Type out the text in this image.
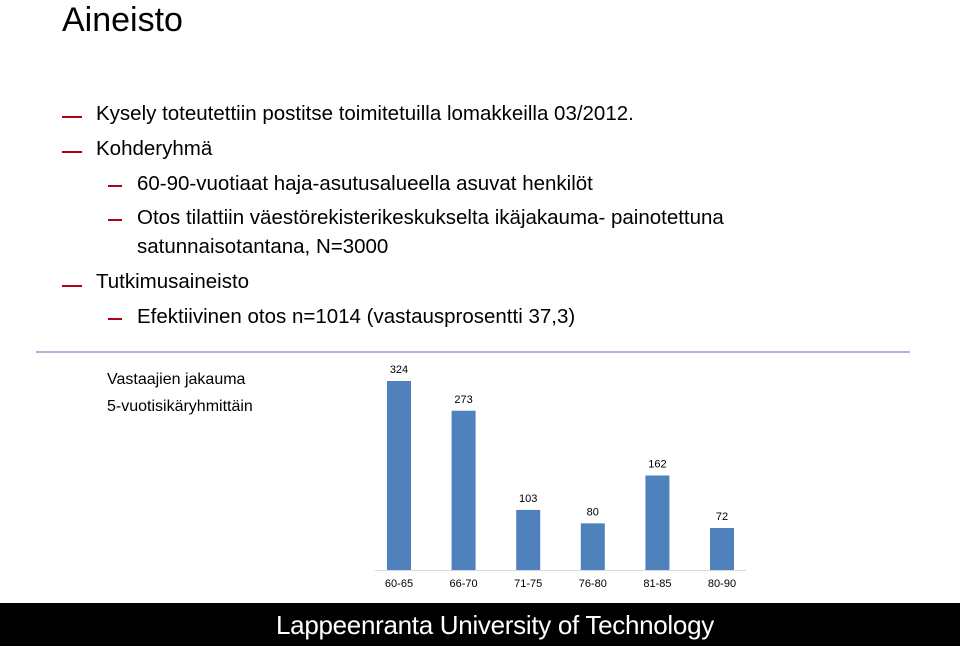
Aineisto
Kysely toteutettiin postitse toimitetuilla lomakkeilla 03/2012.
Kohderyhmä
60-90-vuotiaat haja-asutusalueella asuvat henkilöt
Otos tilattiin väestörekisterikeskukselta ikäjakauma- painotettuna
satunnaisotantana, N=3000
Tutkimusaineisto
Efektiivinen otos n=1014 (vastausprosentti 37,3)
Vastaajien jakauma
5-vuotisikäryhmittäin
324
60-65
273
66-70
103
71-75
80
76-80
162
81-85
72
80-90
Lappeenranta University of Technology
